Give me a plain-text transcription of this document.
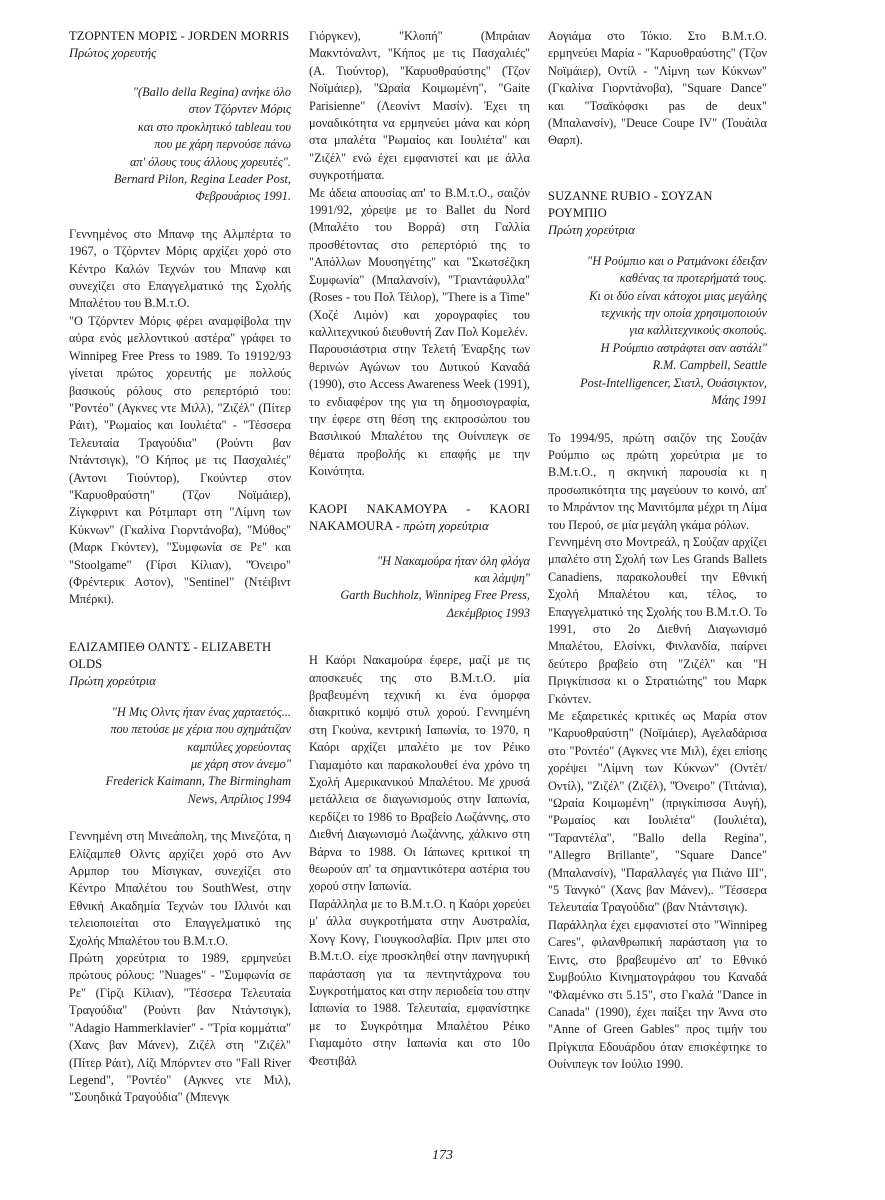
ΤΖΟΡΝΤΕΝ ΜΟΡΙΣ - JORDEN MORRIS
Πρώτος χορευτής

"(Ballo della Regina) ανήκε όλο

στον Τζόρντεν Μόρις

και στο προκλητικό tableau του

που με χάρη περνούσε πάνω

απ' όλους τους άλλους χορευτές".

Bernard Pilon, Regina Leader Post,

Φεβρουάριος 1991.

Γεννημένος στο Μπανφ της Αλμπέρτα το 1967, ο Τζόρντεν Μόρις αρχίζει χορό στο Κέντρο Καλών Τεχνών του Μπανφ και συνεχίζει στο Επαγγελματικό της Σχολής Μπαλέτου του Β.Μ.τ.Ο.

"Ο Τζόρντεν Μόρις φέρει αναμφίβολα την αύρα ενός μελλοντικού αστέρα" γράφει το Winnipeg Free Press το 1989. Το 19192/93 γίνεται πρώτος χορευτής με πολλούς βασικούς ρόλους στο ρεπερτόριό του: "Ροντέο" (Αγκνες ντε Μιλλ), "Ζιζέλ" (Πίτερ Ράιτ), "Ρωμαίος και Ιουλιέτα" - "Τέσσερα Τελευταία Τραγούδια" (Ρούντι βαν Ντάντσιγκ), "Ο Κήπος με τις Πασχαλιές" (Αντονι Τιούντορ), Γκούντερ στον "Καρυοθραύστη" (Τζον Νοϊμάιερ), Ζίγκφριντ και Ρότμπαρτ στη "Λίμνη των Κύκνων" (Γκαλίνα Γιορντάνοβα), "Μύθος" (Μαρκ Γκόντεν), "Συμφωνία σε Ρε" και "Stoolgame" (Γίρσι Κίλιαν), "Όνειρο" (Φρέντερικ Αστον), "Sentinel" (Ντέιβιντ Μπέρκι).

ΕΛΙΖΑΜΠΕΘ ΟΛΝΤΣ - ELIZABETH OLDS
Πρώτη χορεύτρια

"Η Μις Ολντς ήταν ένας χαρταετός...

που πετούσε με χέρια που σχημάτιζαν

καμπύλες χορεύοντας

με χάρη στον άνεμο"

Frederick Kaimann, The Birmingham

News, Απρίλιος 1994

Γεννημένη στη Μινεάπολη, της Μινεζότα, η Ελίζαμπεθ Ολντς αρχίζει χορό στο Ανν Αρμπορ του Μίσιγκαν, συνεχίζει στο Κέντρο Μπαλέτου του SouthWest, στην Εθνική Ακαδημία Τεχνών του Ιλλινόι και τελειοποιείται στο Επαγγελματικό της Σχολής Μπαλέτου του Β.Μ.τ.Ο.

Πρώτη χορεύτρια το 1989, ερμηνεύει πρώτους ρόλους: "Nuages" - "Συμφωνία σε Ρε" (Γίρζι Κίλιαν), "Τέσσερα Τελευταία Τραγούδια" (Ρούντι βαν Ντάντσιγκ), "Adagio Hammerklavier" - "Τρία κομμάτια" (Χανς βαν Μάνεν), Ζιζέλ στη "Ζιζέλ" (Πίτερ Ράιτ), Λίζι Μπόρντεν στο "Fall River Legend", "Ροντέο" (Αγκνες ντε Μιλ), "Σουηδικά Τραγούδια" (Μπενγκ

Γιόργκεν), "Κλοπή" (Μπράιαν Μακντόναλντ, "Κήπος με τις Πασχαλιές" (Α. Τιούντορ), "Καρυοθραύστης" (Τζον Νοϊμάιερ), "Ωραία Κοιμωμένη", "Gaite Parisienne" (Λεονίντ Μασίν). Έχει τη μοναδικότητα να ερμηνεύει μάνα και κόρη στα μπαλέτα "Ρωμαίος και Ιουλιέτα" και "Ζιζέλ" ενώ έχει εμφανιστεί και με άλλα συγκροτήματα.

Με άδεια απουσίας απ' το Β.Μ.τ.Ο., σαιζόν 1991/92, χόρεψε με το Ballet du Nord (Μπαλέτο του Βορρά) στη Γαλλία προσθέτοντας στο ρεπερτόριό της το "Απόλλων Μουσηγέτης" και "Σκωτσέζικη Συμφωνία" (Μπαλανσίν), "Τριαντάφυλλα" (Roses - του Πολ Τέιλορ), "There is a Time" (Χοζέ Λιμόν) και χορογραφίες του καλλιτεχνικού διευθυντή Ζαν Πολ Κομελέν.

Παρουσιάστρια στην Τελετή Έναρξης των θερινών Αγώνων του Δυτικού Καναδά (1990), στο Access Awareness Week (1991), το ενδιαφέρον της για τη δημοσιογραφία, την έφερε στη θέση της εκπροσώπου του Βασιλικού Μπαλέτου της Ουίνιπεγκ σε θέματα προβολής κι επαφής με την Κοινότητα.

ΚΑΟΡΙ ΝΑΚΑΜΟΥΡΑ - KAORI NAKAMOURA - πρώτη χορεύτρια

"Η Νακαμούρα ήταν όλη φλόγα

και λάμψη"

Garth Buchholz, Winnipeg Free Press,

Δεκέμβριος 1993

Η Καόρι Νακαμούρα έφερε, μαζί με τις αποσκευές της στο Β.Μ.τ.Ο. μία βραβευμένη τεχνική κι ένα όμορφα διακριτικό κομψό στυλ χορού. Γεννημένη στη Γκούνα, κεντρική Ιαπωνία, το 1970, η Καόρι αρχίζει μπαλέτο με τον Ρέικο Γιαμαμότο και παρακολουθεί ένα χρόνο τη Σχολή Αμερικανικού Μπαλέτου. Με χρυσά μετάλλεια σε διαγωνισμούς στην Ιαπωνία, κερδίζει το 1986 το Βραβείο Λωζάννης, στο Διεθνή Διαγωνισμό Λωζάννης, χάλκινο στη Βάρνα το 1988. Οι Ιάπωνες κριτικοί τη θεωρούν απ' τα σημαντικότερα αστέρια του χορού στην Ιαπωνία.

Παράλληλα με το Β.Μ.τ.Ο. η Καόρι χορεύει μ' άλλα συγκροτήματα στην Αυστραλία, Χονγ Κονγ, Γιουγκοσλαβία. Πριν μπει στο Β.Μ.τ.Ο. είχε προσκληθεί στην πανηγυρική παράσταση για τα πεντηντάχρονα του Συγκροτήματος και στην περιοδεία του στην Ιαπωνία το 1988. Τελευταία, εμφανίστηκε με το Συγκρότημα Μπαλέτου Ρέικο Γιαμαμότο στην Ιαπωνία και στο 10ο Φεστιβάλ

Αογιάμα στο Τόκιο. Στο Β.Μ.τ.Ο. ερμηνεύει Μαρία - "Καρυοθραύστης" (Τζον Νοϊμάιερ), Οντίλ - "Λίμνη των Κύκνων" (Γκαλίνα Γιορντάνοβα), "Square Dance" και "Τσαϊκόφσκι pas de deux" (Μπαλανσίν), "Deuce Coupe IV" (Τουάιλα Θαρπ).

SUZANNE RUBIO - ΣΟΥΖΑΝ ΡΟΥΜΠΙΟ
Πρώτη χορεύτρια

"Η Ρούμπιο και ο Ρατμάνοκι έδειξαν

καθένας τα προτερήματά τους.

Κι οι δύο είναι κάτοχοι μιας μεγάλης

τεχνικής την οποία χρησιμοποιούν

για καλλιτεχνικούς σκοπούς.

Η Ρούμπιο αστράφτει σαν αστάλι"

R.M. Campbell, Seattle

Post-Intelligencer, Σιατλ, Ουάσιγκτον,

Μάης 1991

Το 1994/95, πρώτη σαιζόν της Σουζάν Ρούμπιο ως πρώτη χορεύτρια με το Β.Μ.τ.Ο., η σκηνική παρουσία κι η προσωπικότητα της μαγεύουν το κοινό, απ' το Μπράντον της Μανιτόμπα μέχρι τη Λίμα του Περού, σε μία μεγάλη γκάμα ρόλων.

Γεννημένη στο Μοντρεάλ, η Σούζαν αρχίζει μπαλέτο στη Σχολή των Les Grands Ballets Canadiens, παρακολουθεί την Εθνική Σχολή Μπαλέτου και, τέλος, το Επαγγελματικό της Σχολής του Β.Μ.τ.Ο. Το 1991, στο 2ο Διεθνή Διαγωνισμό Μπαλέτου, Ελσίνκι, Φινλανδία, παίρνει δεύτερο βραβείο στη "Ζιζέλ" και "Η Πριγκίπισσα κι ο Στρατιώτης" του Μαρκ Γκόντεν.

Με εξαιρετικές κριτικές ως Μαρία στον "Καρυοθραύστη" (Νοϊμάιερ), Αγελαδάρισα στο "Ροντέο" (Αγκνες ντε Μιλ), έχει επίσης χορέψει "Λίμνη των Κύκνων" (Οντέτ/Οντίλ), "Ζιζέλ" (Ζιζέλ), "Όνειρο" (Τιτάνια), "Ωραία Κοιμωμένη" (πριγκίπισσα Αυγή), "Ρωμαίος και Ιουλιέτα" (Ιουλιέτα), "Ταραντέλα", "Ballo della Regina", "Allegro Brillante", "Square Dance" (Μπαλανσίν), "Παραλλαγές για Πιάνο ΙΙΙ", "5 Τανγκό" (Χανς βαν Μάνεν),. "Τέσσερα Τελευταία Τραγούδια" (βαν Ντάντσιγκ).

Παράλληλα έχει εμφανιστεί στο "Winnipeg Cares", φιλανθρωπική παράσταση για το Έιντς, στο βραβευμένο απ' το Εθνικό Συμβούλιο Κινηματογράφου του Καναδά "Φλαμένκο στι 5.15", στο Γκαλά "Dance in Canada" (1990), έχει παίξει την Άννα στο "Anne of Green Gables" προς τιμήν του Πρίγκιπα Εδουάρδου όταν επισκέφτηκε το Ουίνιπεγκ τον Ιούλιο 1990.

173
